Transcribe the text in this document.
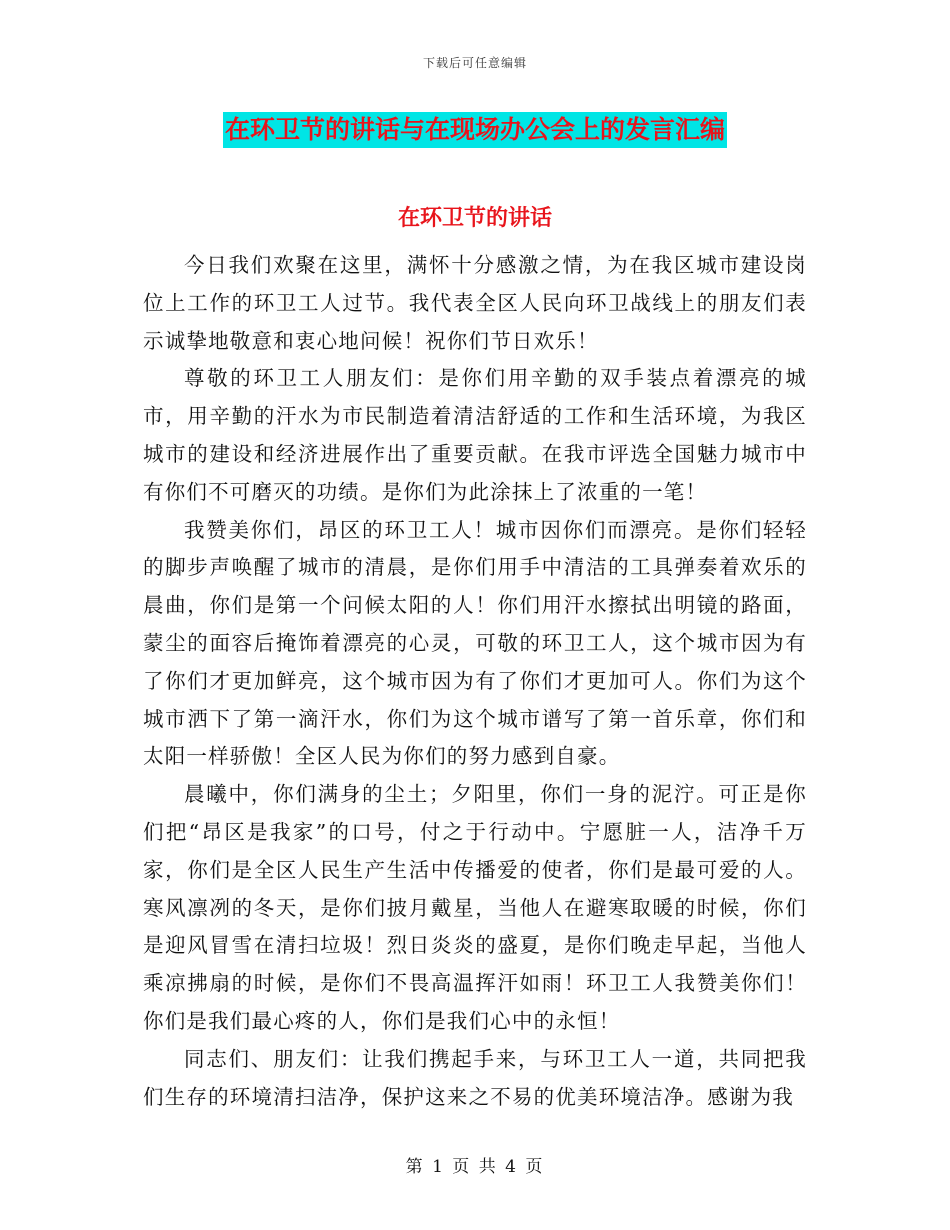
下载后可任意编辑
在环卫节的讲话与在现场办公会上的发言汇编
在环卫节的讲话

今日我们欢聚在这里，满怀十分感激之情，为在我区城市建设岗位上工作的环卫工人过节。我代表全区人民向环卫战线上的朋友们表示诚挚地敬意和衷心地问候！祝你们节日欢乐！

尊敬的环卫工人朋友们：是你们用辛勤的双手装点着漂亮的城市，用辛勤的汗水为市民制造着清洁舒适的工作和生活环境，为我区城市的建设和经济进展作出了重要贡献。在我市评选全国魅力城市中有你们不可磨灭的功绩。是你们为此涂抹上了浓重的一笔！

我赞美你们，昂区的环卫工人！城市因你们而漂亮。是你们轻轻的脚步声唤醒了城市的清晨，是你们用手中清洁的工具弹奏着欢乐的晨曲，你们是第一个问候太阳的人！你们用汗水擦拭出明镜的路面，蒙尘的面容后掩饰着漂亮的心灵，可敬的环卫工人，这个城市因为有了你们才更加鲜亮，这个城市因为有了你们才更加可人。你们为这个城市洒下了第一滴汗水，你们为这个城市谱写了第一首乐章，你们和太阳一样骄傲！全区人民为你们的努力感到自豪。

晨曦中，你们满身的尘土；夕阳里，你们一身的泥泞。可正是你们把“昂区是我家”的口号，付之于行动中。宁愿脏一人，洁净千万家，你们是全区人民生产生活中传播爱的使者，你们是最可爱的人。寒风凛冽的冬天，是你们披月戴星，当他人在避寒取暖的时候，你们是迎风冒雪在清扫垃圾！烈日炎炎的盛夏，是你们晚走早起，当他人乘凉拂扇的时候，是你们不畏高温挥汗如雨！环卫工人我赞美你们！你们是我们最心疼的人，你们是我们心中的永恒！

同志们、朋友们：让我们携起手来，与环卫工人一道，共同把我们生存的环境清扫洁净，保护这来之不易的优美环境洁净。感谢为我

第 1 页 共 4 页
